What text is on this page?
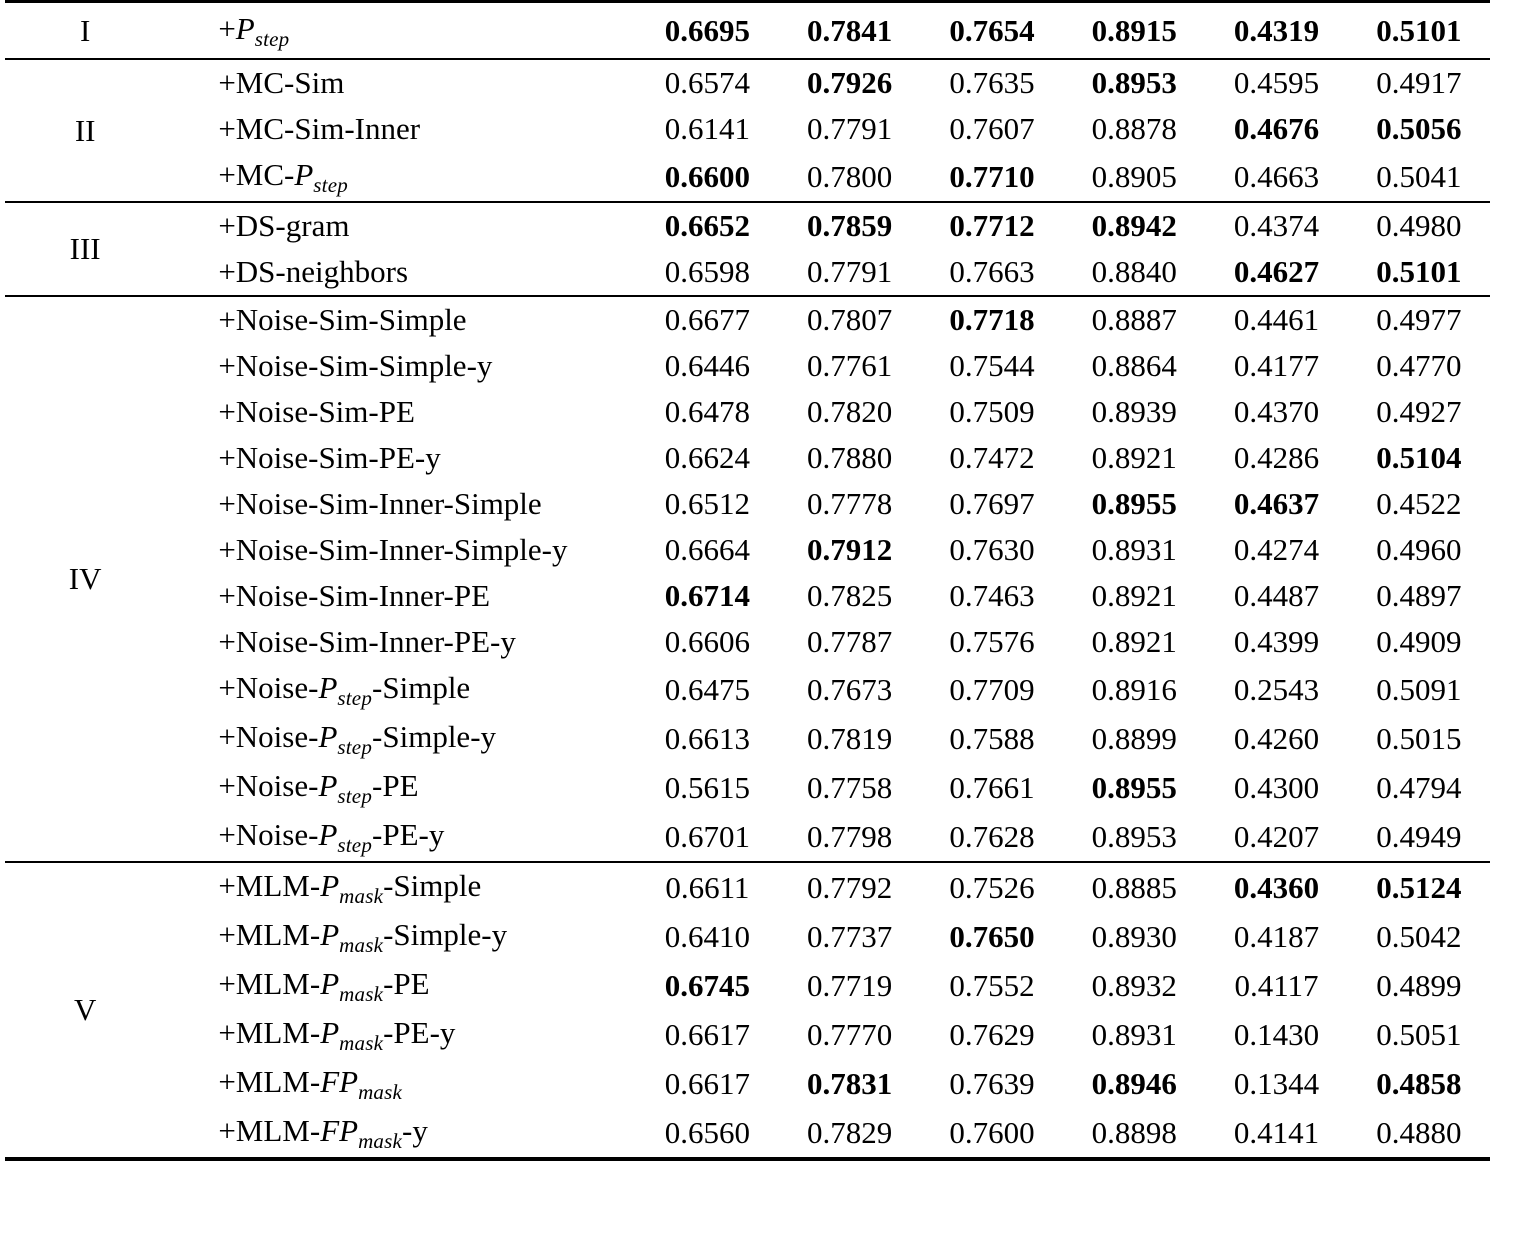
I	$+P_{step}$	0.6695	0.7841	0.7654	0.8915	0.4319	0.5101
II	+MC-Sim	0.6574	0.7926	0.7635	0.8953	0.4595	0.4917
	+MC-Sim-Inner	0.6141	0.7791	0.7607	0.8878	0.4676	0.5056
	$+MC-P_{step}$	0.6600	0.7800	0.7710	0.8905	0.4663	0.5041
III	+DS-gram	0.6652	0.7859	0.7712	0.8942	0.4374	0.4980
	+DS-neighbors	0.6598	0.7791	0.7663	0.8840	0.4627	0.5101
IV	+Noise-Sim-Simple	0.6677	0.7807	0.7718	0.8887	0.4461	0.4977
	+Noise-Sim-Simple-y	0.6446	0.7761	0.7544	0.8864	0.4177	0.4770
	+Noise-Sim-PE	0.6478	0.7820	0.7509	0.8939	0.4370	0.4927
	+Noise-Sim-PE-y	0.6624	0.7880	0.7472	0.8921	0.4286	0.5104
	+Noise-Sim-Inner-Simple	0.6512	0.7778	0.7697	0.8955	0.4637	0.4522
	+Noise-Sim-Inner-Simple-y	0.6664	0.7912	0.7630	0.8931	0.4274	0.4960
	+Noise-Sim-Inner-PE	0.6714	0.7825	0.7463	0.8921	0.4487	0.4897
	+Noise-Sim-Inner-PE-y	0.6606	0.7787	0.7576	0.8921	0.4399	0.4909
	$+Noise-P_{step}$-Simple	0.6475	0.7673	0.7709	0.8916	0.2543	0.5091
	$+Noise-P_{step}-Simple-y$	0.6613	0.7819	0.7588	0.8899	0.4260	0.5015
	$+Noise-P_{step}-PE$	0.5615	0.7758	0.7661	0.8955	0.4300	0.4794
	$+Noise-P_{step}-PE-y$	0.6701	0.7798	0.7628	0.8953	0.4207	0.4949
V	$+MLM-P_{mask}$-Simple	0.6611	0.7792	0.7526	0.8885	0.4360	0.5124
	$+MLM-P_{mask}-Simple-y$	0.6410	0.7737	0.7650	0.8930	0.4187	0.5042
	$+MLM-P_{mask}-PE$	0.6745	0.7719	0.7552	0.8932	0.4117	0.4899
	$+MLM-P_{mask}-PE-y$	0.6617	0.7770	0.7629	0.8931	0.1430	0.5051
	$+MLM-FP_{mask}$	0.6617	0.7831	0.7639	0.8946	0.1344	0.4858
	$+MLM-FP_{mask}-y$	0.6560	0.7829	0.7600	0.8898	0.4141	0.4880
